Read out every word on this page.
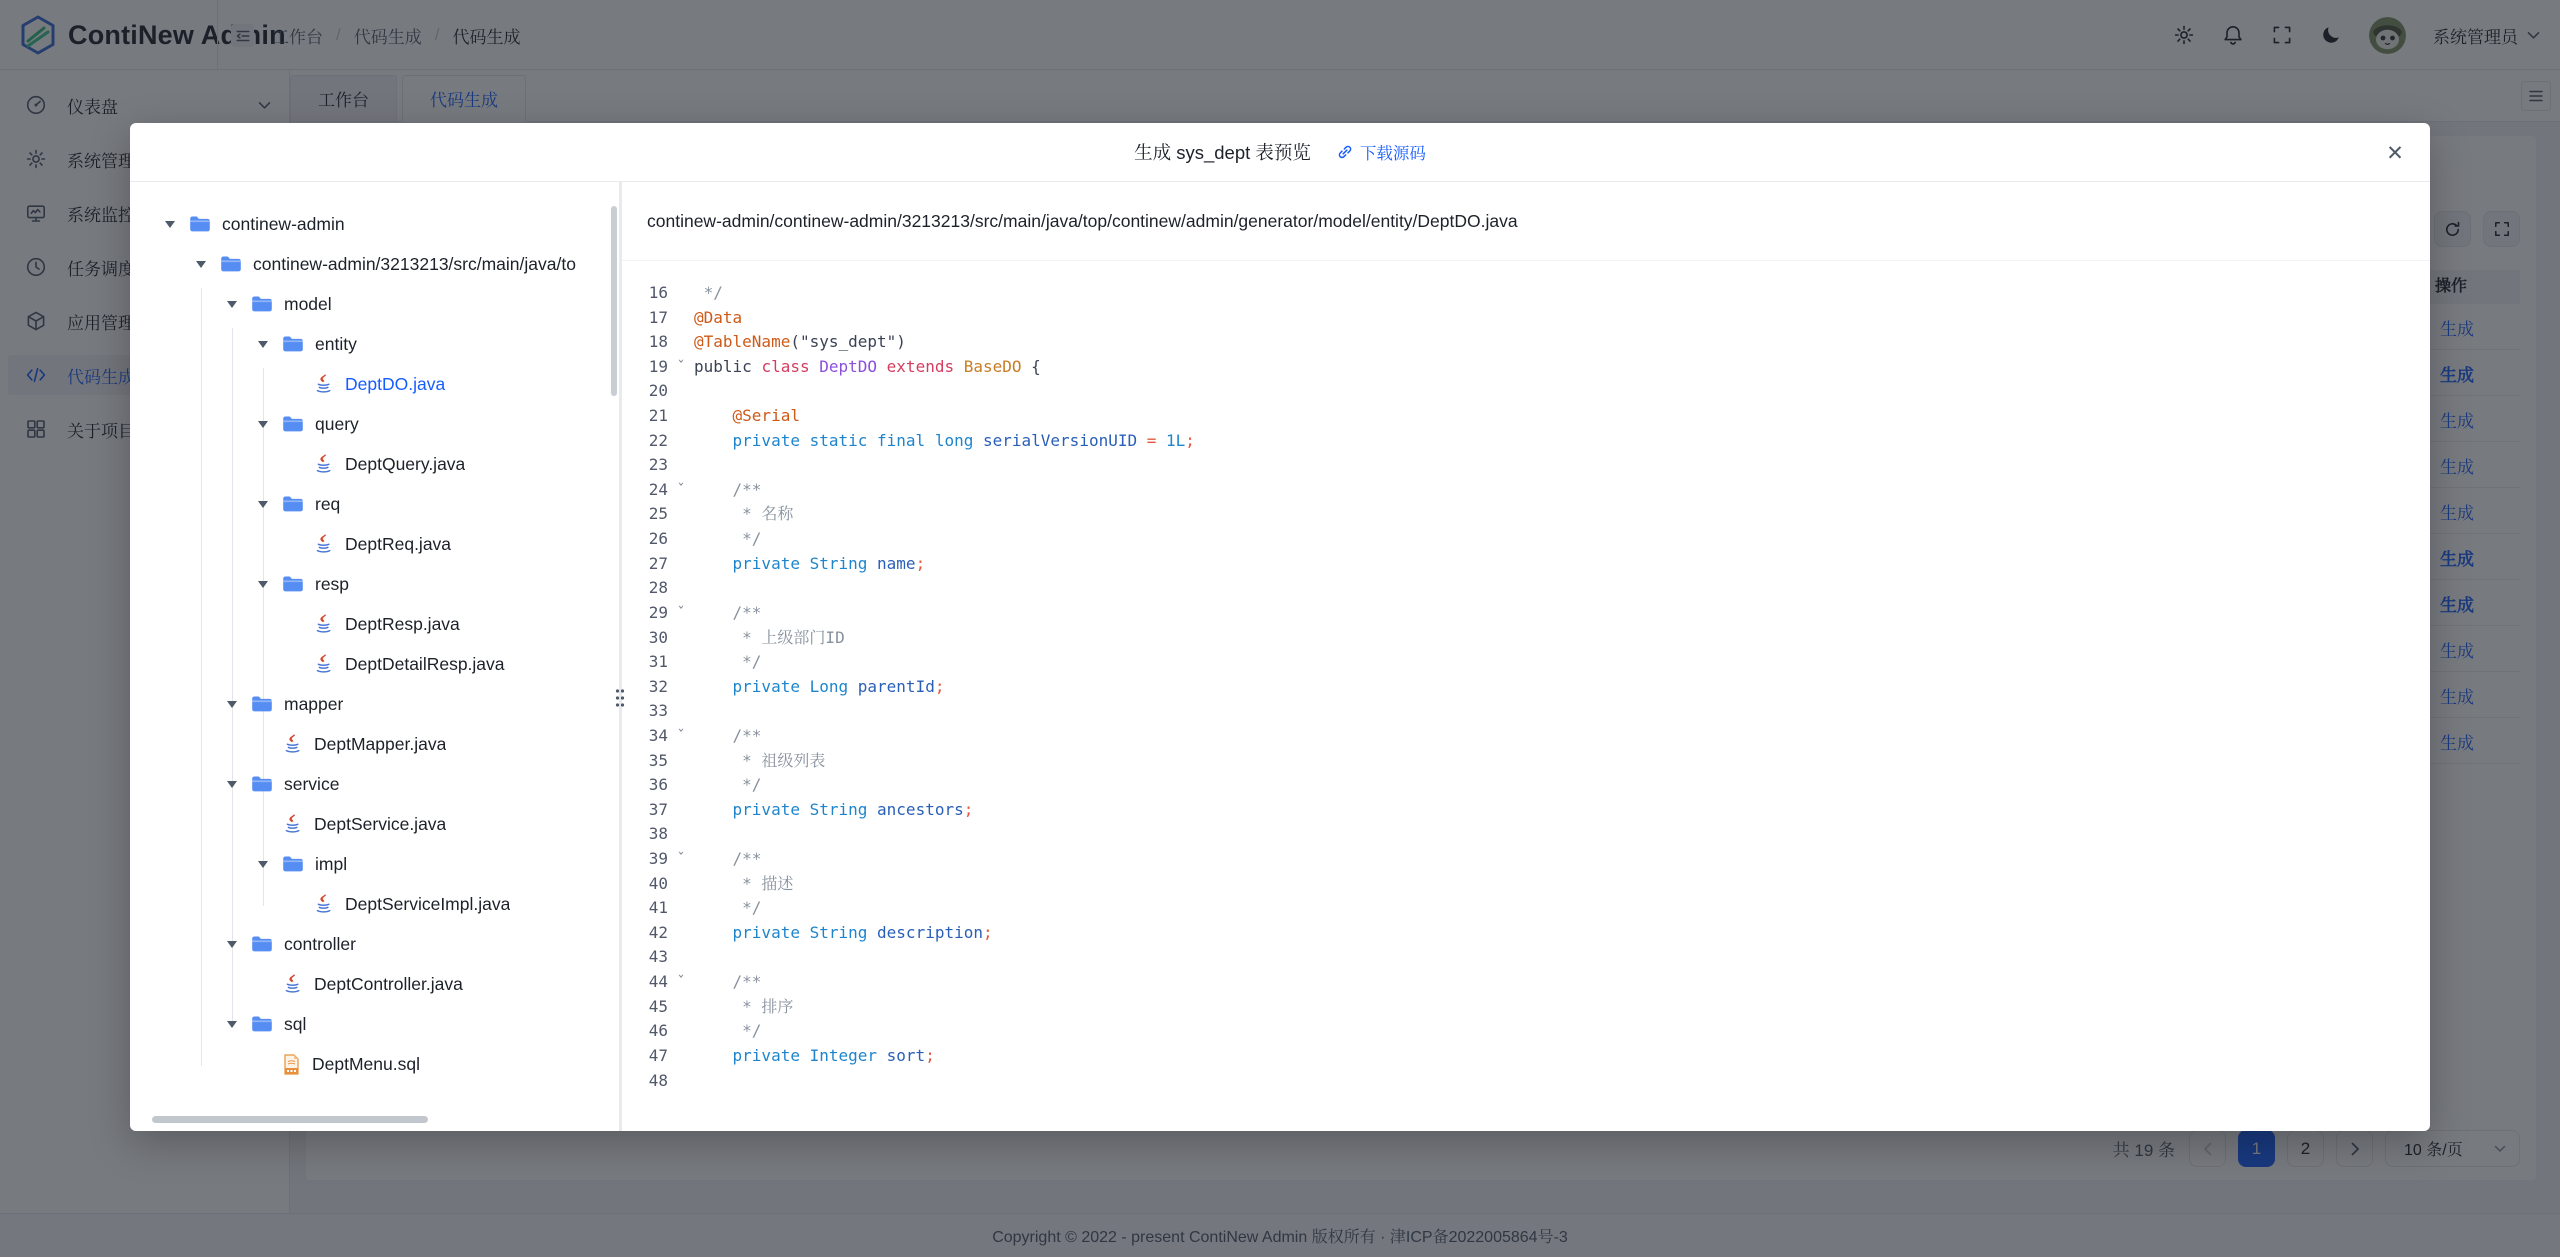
生成 sys_dept 表预览	下载源码	✕
continew-admin
continew-admin/3213213/src/main/java/to
model
entity
DeptDO.java
query
DeptQuery.java
req
DeptReq.java
resp
DeptResp.java
DeptDetailResp.java
mapper
DeptMapper.java
service
DeptService.java
impl
DeptServiceImpl.java
controller
DeptController.java
sql
DeptMenu.sql
continew-admin/continew-admin/3213213/src/main/java/top/continew/admin/generator/model/entity/DeptDO.java
16 */
17 @Data
18 @TableName("sys_dept")
19 ˇ public class DeptDO extends BaseDO {
20
21 @Serial
22 private static final long serialVersionUID = 1L;
23
24 ˇ /**
25 * 名称
26 */
27 private String name;
28
29 ˇ /**
30 * 上级部门ID
31 */
32 private Long parentId;
33
34 ˇ /**
35 * 祖级列表
36 */
37 private String ancestors;
38
39 ˇ /**
40 * 描述
41 */
42 private String description;
43
44 ˇ /**
45 * 排序
46 */
47 private Integer sort;
48
